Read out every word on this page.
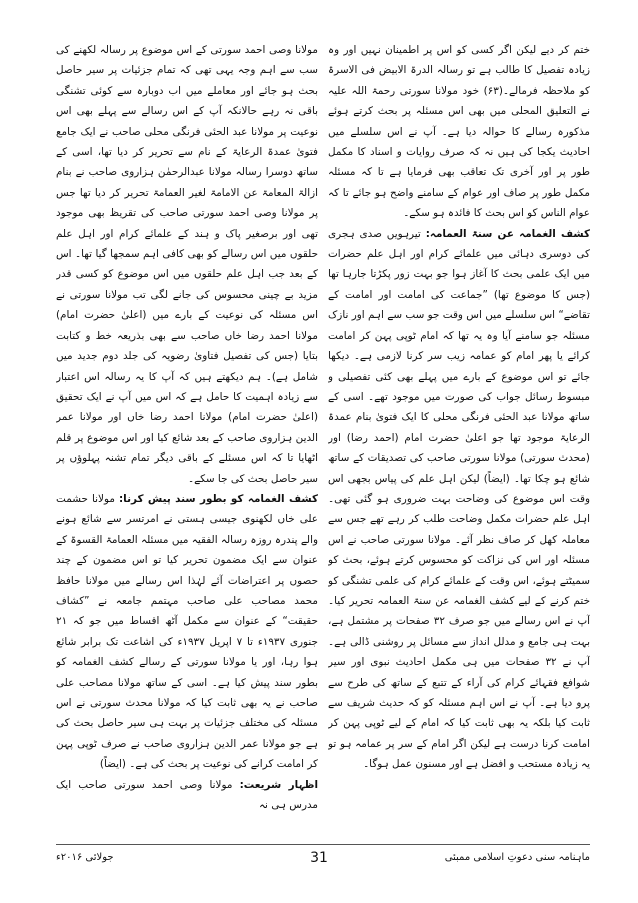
ختم کر دیے لیکن اگر کسی کو اس پر اطمینان نہیں اور وہ زیادہ تفصیل کا طالب ہے تو رسالہ الدرۃ الابیض فی الاسرۃ کو ملاحظہ فرمالے۔(۶۳) خود مولانا سورتی رحمۃ اللہ علیہ نے التعلیق المحلی میں بھی اس مسئلہ پر بحث کرتے ہوئے مذکورہ رسالے کا حوالہ دیا ہے۔ آپ نے اس سلسلے میں احادیث یکجا کی ہیں نہ کہ صرف روایات و اسناد کا مکمل طور پر اور آخری تک تعاقب بھی فرمایا ہے تا کہ مسئلہ مکمل طور پر صاف اور عوام کے سامنے واضح ہو جائے تا کہ عوام الناس کو اس بحث کا فائدہ ہو سکے۔

کشف الغمامہ عن سنۃ العمامہ: تیرہویں صدی ہجری کی دوسری دہائی میں علمائے کرام اور اہل علم حضرات میں ایک علمی بحث کا آغاز ہوا جو بہت زور پکڑتا جارہا تھا (جس کا موضوع تھا) ”جماعت کی امامت اور امامت کے تقاضے“ اس سلسلے میں اس وقت جو سب سے اہم اور نازک مسئلہ جو سامنے آیا وہ یہ تھا کہ امام ٹوپی پہن کر امامت کرائے یا پھر امام کو عمامہ زیب سر کرنا لازمی ہے۔ دیکھا جائے تو اس موضوع کے بارے میں پہلے بھی کئی تفصیلی و مبسوط رسائل جواب کی صورت میں موجود تھے۔ اسی کے ساتھ مولانا عبد الحئی فرنگی محلی کا ایک فتویٰ بنام عمدۃ الرعایۃ موجود تھا جو اعلیٰ حضرت امام (احمد رضا) اور (محدث سورتی) مولانا سورتی صاحب کی تصدیقات کے ساتھ شائع ہو چکا تھا۔ (ایضاً) لیکن اہل علم کی پیاس بجھی اس وقت اس موضوع کی وضاحت بہت ضروری ہو گئی تھی۔ اہل علم حضرات مکمل وضاحت طلب کر رہے تھے جس سے معاملہ کھل کر صاف نظر آئے۔ مولانا سورتی صاحب نے اس مسئلہ اور اس کی نزاکت کو محسوس کرتے ہوئے، بحث کو سمیٹتے ہوئے، اس وقت کے علمائے کرام کی علمی تشنگی کو ختم کرنے کے لیے کشف الغمامہ عن سنۃ العمامہ تحریر کیا۔ آپ نے اس رسالے میں جو صرف ۳۲ صفحات پر مشتمل ہے، بہت ہی جامع و مدلل انداز سے مسائل پر روشنی ڈالی ہے۔ آپ نے ۳۲ صفحات میں ہی مکمل احادیث نبوی اور سیر شوافع فقہائے کرام کی آراء کے تتبع کے ساتھ کی طرح سے پرو دیا ہے۔ آپ نے اس اہم مسئلہ کو کہ حدیث شریف سے ثابت کیا بلکہ یہ بھی ثابت کیا کہ امام کے لیے ٹوپی پہن کر امامت کرنا درست ہے لیکن اگر امام کے سر پر عمامہ ہو تو یہ زیادہ مستحب و افضل ہے اور مسنون عمل ہوگا۔

مولانا وصی احمد سورتی کے اس موضوع پر رسالہ لکھنے کی سب سے اہم وجہ یہی تھی کہ تمام جزئیات پر سیر حاصل بحث ہو جائے اور معاملے میں اب دوبارہ سے کوئی تشنگی باقی نہ رہے حالانکہ آپ کے اس رسالے سے پہلے بھی اس نوعیت پر مولانا عبد الحئی فرنگی محلی صاحب نے ایک جامع فتویٰ عمدۃ الرعایۃ کے نام سے تحریر کر دیا تھا، اسی کے ساتھ دوسرا رسالہ مولانا عبدالرحمٰن ہزاروی صاحب نے بنام ازالۃ المعامۃ عن الامامۃ لغیر العمامۃ تحریر کر دیا تھا جس پر مولانا وصی احمد سورتی صاحب کی تقریظ بھی موجود تھی اور برصغیر پاک و ہند کے علمائے کرام اور اہل علم حلقوں میں اس رسالے کو بھی کافی اہم سمجھا گیا تھا۔ اس کے بعد جب اہل علم حلقوں میں اس موضوع کو کسی قدر مزید بے چینی محسوس کی جانے لگی تب مولانا سورتی نے اس مسئلہ کی نوعیت کے بارے میں (اعلیٰ حضرت امام) مولانا احمد رضا خاں صاحب سے بھی بذریعہ خط و کتابت بتایا (جس کی تفصیل فتاویٰ رضویہ کی جلد دوم جدید میں شامل ہے)۔ ہم دیکھتے ہیں کہ آپ کا یہ رسالہ اس اعتبار سے زیادہ اہمیت کا حامل ہے کہ اس میں آپ نے ایک تحقیق (اعلیٰ حضرت امام) مولانا احمد رضا خاں اور مولانا عمر الدین ہزاروی صاحب کے بعد شائع کیا اور اس موضوع پر قلم اٹھایا تا کہ اس مسئلے کے باقی دیگر تمام تشنہ پہلوؤں پر سیر حاصل بحث کی جا سکے۔

کشف الغمامہ کو بطور سند پیش کرنا: مولانا حشمت علی خاں لکھنوی جیسی ہستی نے امرتسر سے شائع ہونے والے پندرہ روزہ رسالہ الفقیہ میں مسئلہ العمامۃ القسوۃ کے عنوان سے ایک مضمون تحریر کیا تو اس مضمون کے چند حصوں پر اعتراضات آئے لہٰذا اس رسالے میں مولانا حافظ محمد مصاحب علی صاحب مہتمم جامعہ نے ”کشاف حقیقت“ کے عنوان سے مکمل آٹھ اقساط میں جو کہ ۲۱ جنوری ۱۹۳۷ء تا ۷ اپریل ۱۹۳۷ء کی اشاعت تک برابر شائع ہوا رہا، اور یا مولانا سورتی کے رسالے کشف الغمامہ کو بطور سند پیش کیا ہے۔ اسی کے ساتھ مولانا مصاحب علی صاحب نے یہ بھی ثابت کیا کہ مولانا محدث سورتی نے اس مسئلہ کی مختلف جزئیات پر بہت ہی سیر حاصل بحث کی ہے جو مولانا عمر الدین ہزاروی صاحب نے صرف ٹوپی پہن کر امامت کرانے کی نوعیت پر بحث کی ہے۔ (ایضاً)

اظہار شریعت: مولانا وصی احمد سورتی صاحب ایک مدرس ہی نہ

ماہنامہ سنی دعوتِ اسلامی ممبئی
31
جولائی ۲۰۱۶ء
